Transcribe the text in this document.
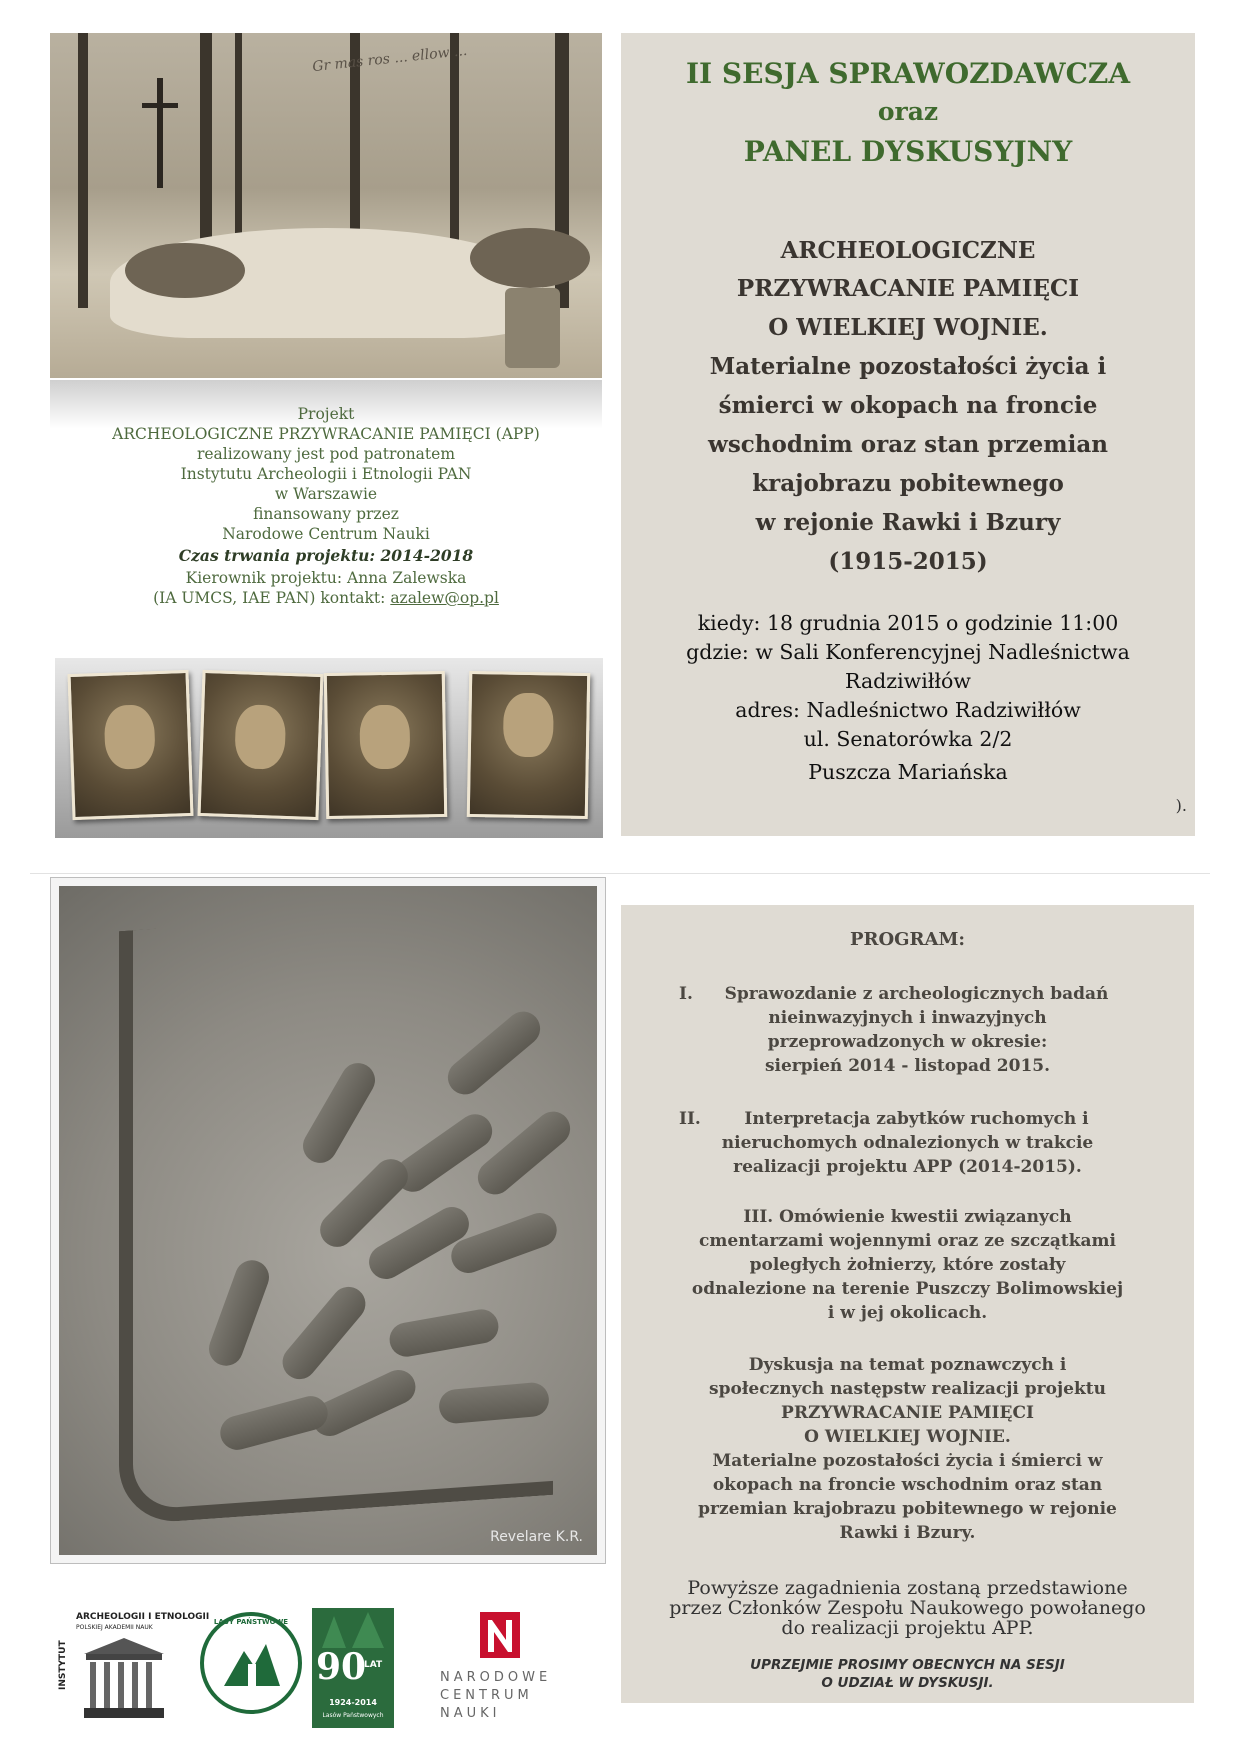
Gr mas ros ... ellow ...
Projekt
ARCHEOLOGICZNE PRZYWRACANIE PAMIĘCI (APP)
realizowany jest pod patronatem
Instytutu Archeologii i Etnologii PAN
w Warszawie
finansowany przez
Narodowe Centrum Nauki
Czas trwania projektu: 2014-2018
Kierownik projektu: Anna Zalewska
(IA UMCS, IAE PAN) kontakt: azalew@op.pl
II SESJA SPRAWOZDAWCZA
oraz
PANEL DYSKUSYJNY
ARCHEOLOGICZNE
PRZYWRACANIE PAMIĘCI
O WIELKIEJ WOJNIE.
Materialne pozostałości życia i
śmierci w okopach na froncie
wschodnim oraz stan przemian
krajobrazu pobitewnego
w rejonie Rawki i Bzury
(1915-2015)
kiedy: 18 grudnia 2015 o godzinie 11:00
gdzie: w Sali Konferencyjnej Nadleśnictwa
Radziwiłłów
adres: Nadleśnictwo Radziwiłłów
ul. Senatorówka 2/2
Puszcza Mariańska
).
Revelare K.R.
PROGRAM:
I.	Sprawozdanie z archeologicznych badań
nieinwazyjnych i inwazyjnych
przeprowadzonych w okresie:
sierpień 2014 - listopad 2015.
II.	Interpretacja zabytków ruchomych i
nieruchomych odnalezionych w trakcie
realizacji projektu APP (2014-2015).
III. Omówienie kwestii związanych
cmentarzami wojennymi oraz ze szczątkami
poległych żołnierzy, które zostały
odnalezione na terenie Puszczy Bolimowskiej
i w jej okolicach.
Dyskusja na temat poznawczych i
społecznych następstw realizacji projektu
PRZYWRACANIE PAMIĘCI
O WIELKIEJ WOJNIE.
Materialne pozostałości życia i śmierci w
okopach na froncie wschodnim oraz stan
przemian krajobrazu pobitewnego w rejonie
Rawki i Bzury.
Powyższe zagadnienia zostaną przedstawione
przez Członków Zespołu Naukowego powołanego
do realizacji projektu APP.
UPRZEJMIE PROSIMY OBECNYCH NA SESJI
O UDZIAŁ W DYSKUSJI.
INSTYTUT
ARCHEOLOGII I ETNOLOGII
POLSKIEJ AKADEMII NAUK
LASY PAŃSTWOWE
90
LAT
1924-2014
Lasów Państwowych
NARODOWE
CENTRUM
NAUKI
